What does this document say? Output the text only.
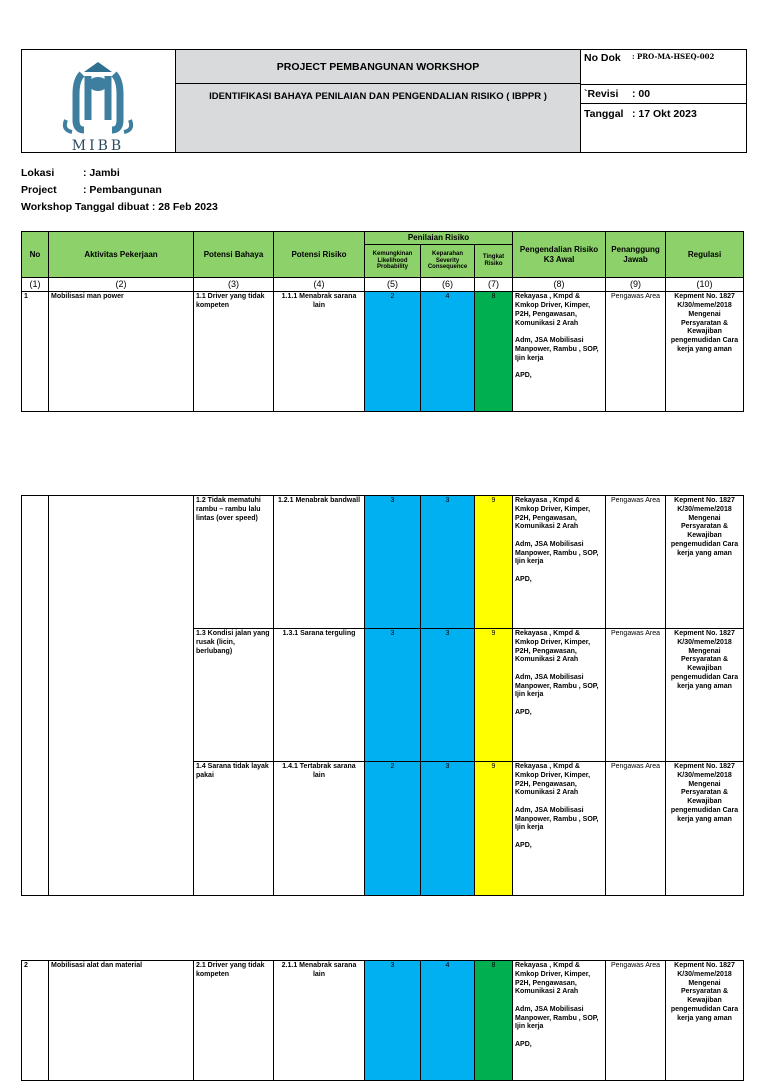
MIBB
PROJECT PEMBANGUNAN WORKSHOP
IDENTIFIKASI BAHAYA PENILAIAN DAN PENGENDALIAN RISIKO ( IBPPR )
No Dok	: PRO-MA-HSEQ-002
`Revisi	: 00
Tanggal : 17 Okt 2023
Lokasi	: Jambi
Project	: Pembangunan
Workshop Tanggal dibuat : 28 Feb 2023
No	Aktivitas Pekerjaan	Potensi Bahaya	Potensi Risiko	Penilaian Risiko			Pengendalian Risiko K3 Awal	Penanggung Jawab	Regulasi
				Kemungkinan Likelihood Probability	Keparahan Severity Consequence	Tingkat Risiko			
(1)	(2)	(3)	(4)	(5)	(6)	(7)	(8)	(9)	(10)
1	Mobilisasi man power	1.1 Driver yang tidak kompeten	1.1.1 Menabrak sarana lain	2	4	8	Rekayasa , Kmpd & Kmkop Driver, Kimper, P2H, Pengawasan, Komunikasi 2 Arah

Adm, JSA Mobilisasi Manpower, Rambu , SOP, Ijin kerja

APD,	Pengawas Area	Kepment No. 1827 K/30/meme/2018 Mengenai Persyaratan & Kewajiban pengemudidan Cara kerja yang aman
		1.2 Tidak mematuhi rambu – rambu lalu lintas (over speed)	1.2.1 Menabrak bandwall	3	3	9	Rekayasa , Kmpd & Kmkop Driver, Kimper, P2H, Pengawasan, Komunikasi 2 Arah

Adm, JSA Mobilisasi Manpower, Rambu , SOP, Ijin kerja

APD,	Pengawas Area	Kepment No. 1827 K/30/meme/2018 Mengenai Persyaratan & Kewajiban pengemudidan Cara kerja yang aman
		1.3 Kondisi jalan yang rusak (licin, berlubang)	1.3.1 Sarana terguling	3	3	9	Rekayasa , Kmpd & Kmkop Driver, Kimper, P2H, Pengawasan, Komunikasi 2 Arah

Adm, JSA Mobilisasi Manpower, Rambu , SOP, Ijin kerja

APD,	Pengawas Area	Kepment No. 1827 K/30/meme/2018 Mengenai Persyaratan & Kewajiban pengemudidan Cara kerja yang aman
		1.4 Sarana tidak layak pakai	1.4.1 Tertabrak sarana lain	2	3	9	Rekayasa , Kmpd & Kmkop Driver, Kimper, P2H, Pengawasan, Komunikasi 2 Arah

Adm, JSA Mobilisasi Manpower, Rambu , SOP, Ijin kerja

APD,	Pengawas Area	Kepment No. 1827 K/30/meme/2018 Mengenai Persyaratan & Kewajiban pengemudidan Cara kerja yang aman
2	Mobilisasi alat dan material	2.1 Driver yang tidak kompeten	2.1.1 Menabrak sarana lain	3	4	8	Rekayasa , Kmpd & Kmkop Driver, Kimper, P2H, Pengawasan, Komunikasi 2 Arah

Adm, JSA Mobilisasi Manpower, Rambu , SOP, Ijin kerja

APD,	Pengawas Area	Kepment No. 1827 K/30/meme/2018 Mengenai Persyaratan & Kewajiban pengemudidan Cara kerja yang aman
